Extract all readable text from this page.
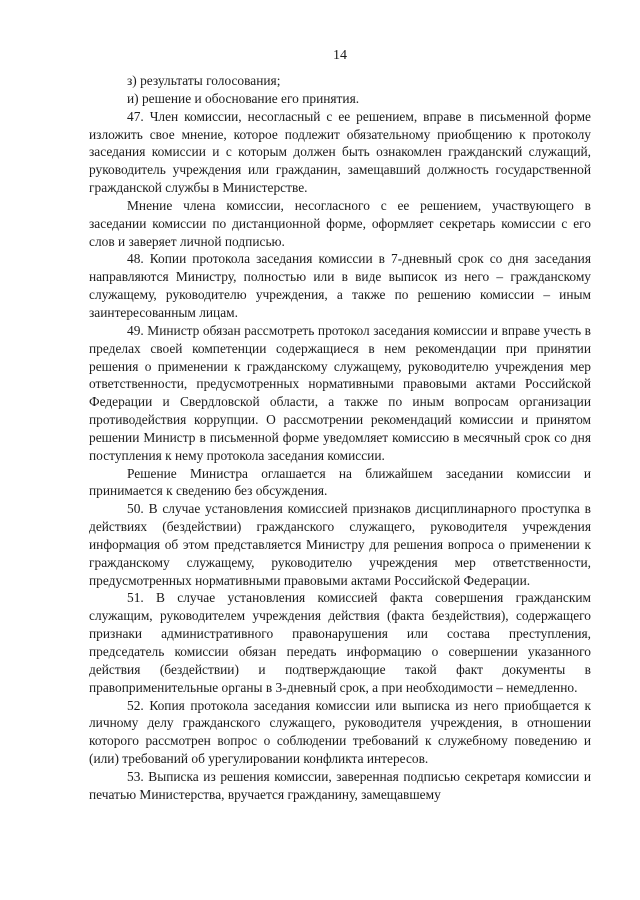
14

з) результаты голосования;

и) решение и обоснование его принятия.

47. Член комиссии, несогласный с ее решением, вправе в письменной форме изложить свое мнение, которое подлежит обязательному приобщению к протоколу заседания комиссии и с которым должен быть ознакомлен гражданский служащий, руководитель учреждения или гражданин, замещавший должность государственной гражданской службы в Министерстве.

Мнение члена комиссии, несогласного с ее решением, участвующего в заседании комиссии по дистанционной форме, оформляет секретарь комиссии с его слов и заверяет личной подписью.

48. Копии протокола заседания комиссии в 7-дневный срок со дня заседания направляются Министру, полностью или в виде выписок из него – гражданскому служащему, руководителю учреждения, а также по решению комиссии – иным заинтересованным лицам.

49. Министр обязан рассмотреть протокол заседания комиссии и вправе учесть в пределах своей компетенции содержащиеся в нем рекомендации при принятии решения о применении к гражданскому служащему, руководителю учреждения мер ответственности, предусмотренных нормативными правовыми актами Российской Федерации и Свердловской области, а также по иным вопросам организации противодействия коррупции. О рассмотрении рекомендаций комиссии и принятом решении Министр в письменной форме уведомляет комиссию в месячный срок со дня поступления к нему протокола заседания комиссии.

Решение Министра оглашается на ближайшем заседании комиссии и принимается к сведению без обсуждения.

50. В случае установления комиссией признаков дисциплинарного проступка в действиях (бездействии) гражданского служащего, руководителя учреждения информация об этом представляется Министру для решения вопроса о применении к гражданскому служащему, руководителю учреждения мер ответственности, предусмотренных нормативными правовыми актами Российской Федерации.

51. В случае установления комиссией факта совершения гражданским служащим, руководителем учреждения действия (факта бездействия), содержащего признаки административного правонарушения или состава преступления, председатель комиссии обязан передать информацию о совершении указанного действия (бездействии) и подтверждающие такой факт документы в правоприменительные органы в 3-дневный срок, а при необходимости – немедленно.

52. Копия протокола заседания комиссии или выписка из него приобщается к личному делу гражданского служащего, руководителя учреждения, в отношении которого рассмотрен вопрос о соблюдении требований к служебному поведению и (или) требований об урегулировании конфликта интересов.

53. Выписка из решения комиссии, заверенная подписью секретаря комиссии и печатью Министерства, вручается гражданину, замещавшему
